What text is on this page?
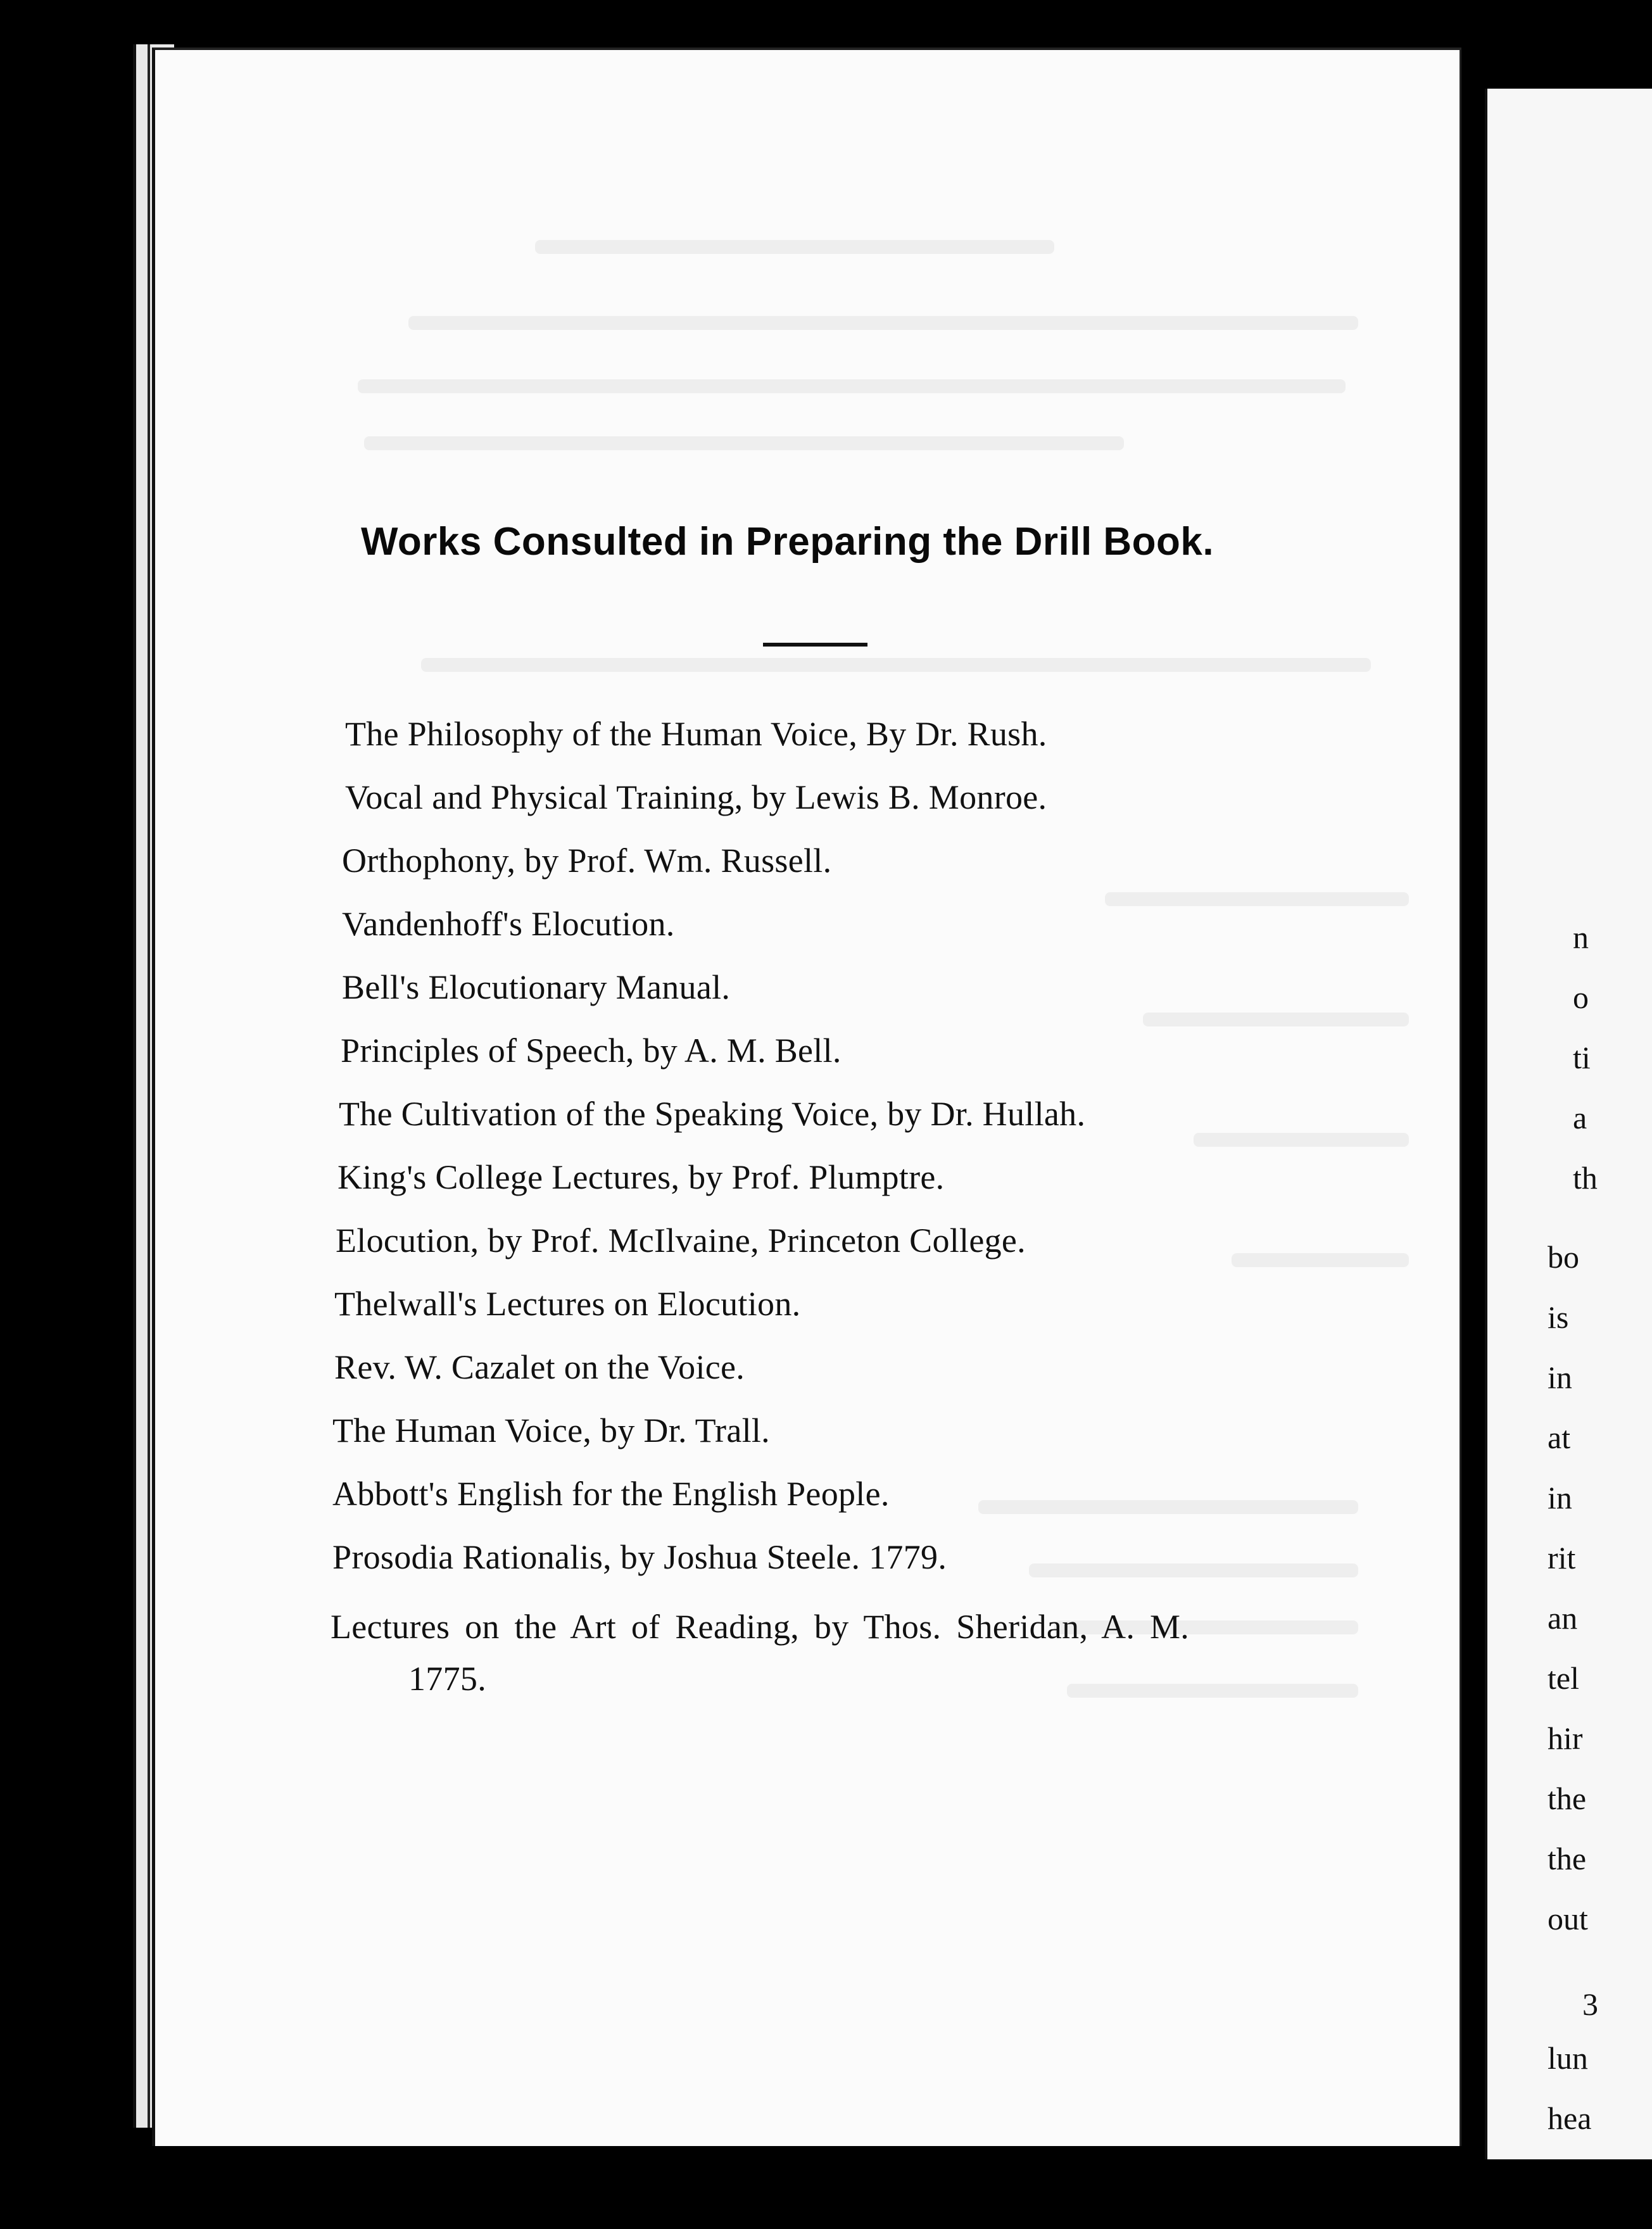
n
o
ti
a
th
bo
is
in
at
in
rit
an
tel
hir
the
the
out
3
lun
hea
Works Consulted in Preparing the Drill Book.
The Philosophy of the Human Voice, By Dr. Rush.
Vocal and Physical Training, by Lewis B. Monroe.
Orthophony, by Prof. Wm. Russell.
Vandenhoff's Elocution.
Bell's Elocutionary Manual.
Principles of Speech, by A. M. Bell.
The Cultivation of the Speaking Voice, by Dr. Hullah.
King's College Lectures, by Prof. Plumptre.
Elocution, by Prof. McIlvaine, Princeton College.
Thelwall's Lectures on Elocution.
Rev. W. Cazalet on the Voice.
The Human Voice, by Dr. Trall.
Abbott's English for the English People.
Prosodia Rationalis, by Joshua Steele. 1779.
Lectures on the Art of Reading, by Thos. Sheridan, A. M.
1775.
